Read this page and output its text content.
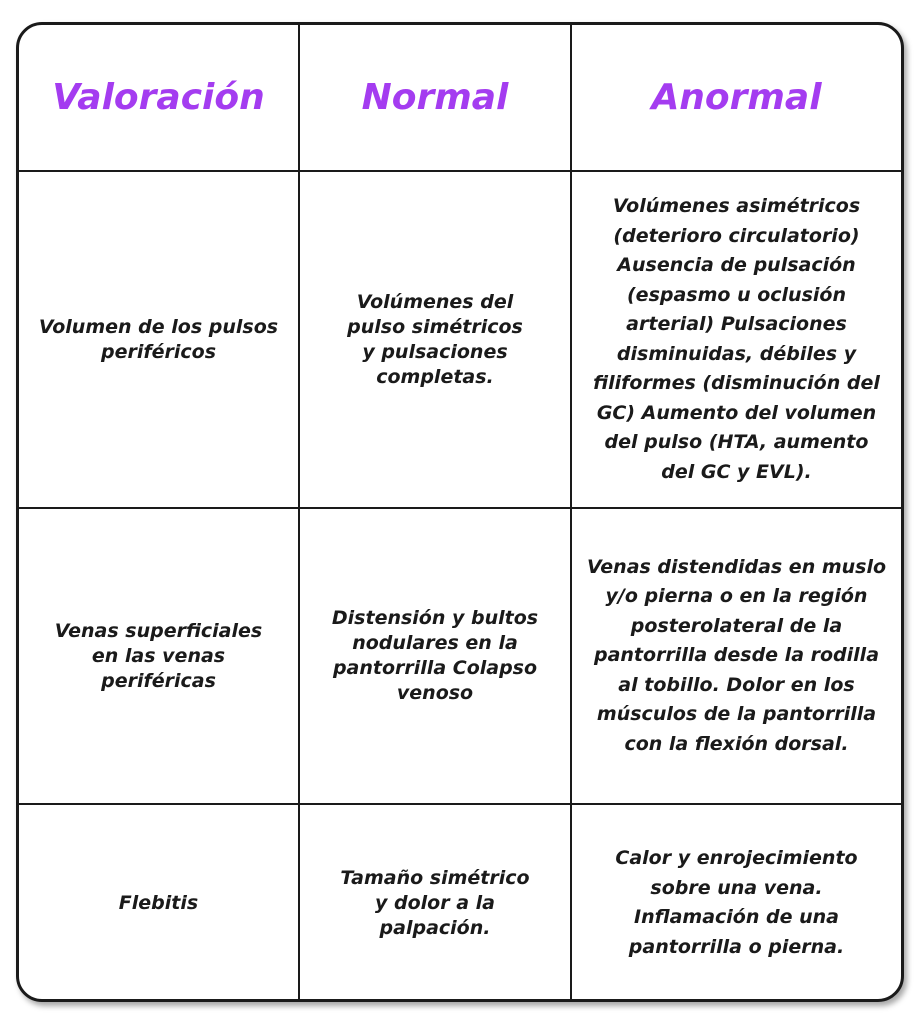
Valoración	Normal	Anormal
Volumen de los pulsos periféricos	Volúmenes del pulso simétricos y pulsaciones completas.	Volúmenes asimétricos (deterioro circulatorio) Ausencia de pulsación (espasmo u oclusión arterial) Pulsaciones disminuidas, débiles y filiformes (disminución del GC) Aumento del volumen del pulso (HTA, aumento del GC y EVL).
Venas superficiales en las venas periféricas	Distensión y bultos nodulares en la pantorrilla Colapso venoso	Venas distendidas en muslo y/o pierna o en la región posterolateral de la pantorrilla desde la rodilla al tobillo. Dolor en los músculos de la pantorrilla con la flexión dorsal.
Flebitis	Tamaño simétrico y dolor a la palpación.	Calor y enrojecimiento sobre una vena. Inflamación de una pantorrilla o pierna.
